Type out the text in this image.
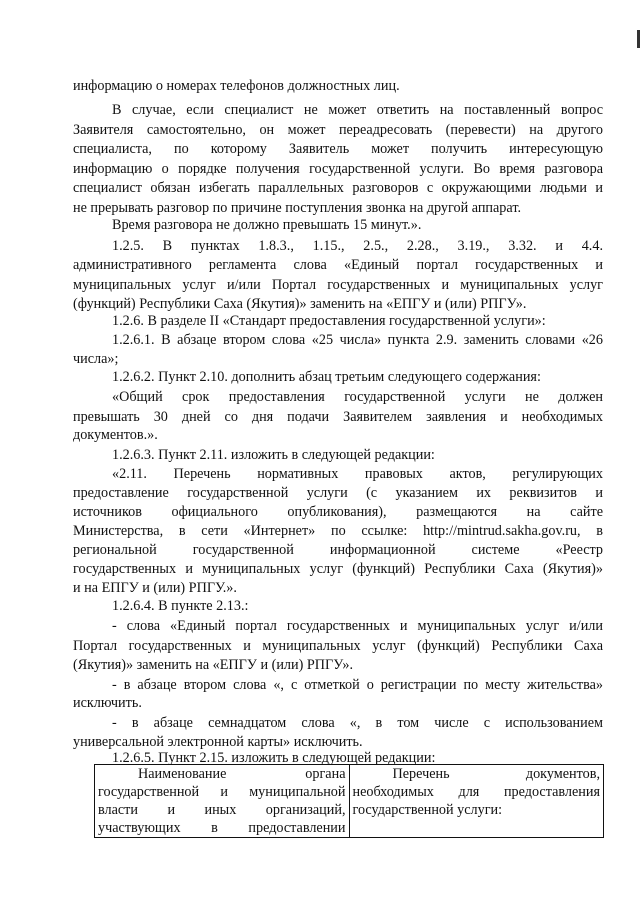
информацию о номерах телефонов должностных лиц.
В случае, если специалист не может ответить на поставленный вопрос
Заявителя самостоятельно, он может переадресовать (перевести) на другого
специалиста, по которому Заявитель может получить интересующую
информацию о порядке получения государственной услуги. Во время разговора
специалист обязан избегать параллельных разговоров с окружающими людьми и
не прерывать разговор по причине поступления звонка на другой аппарат.
Время разговора не должно превышать 15 минут.».
1.2.5. В пунктах 1.8.3., 1.15., 2.5., 2.28., 3.19., 3.32. и 4.4.
административного регламента слова «Единый портал государственных и
муниципальных услуг и/или Портал государственных и муниципальных услуг
(функций) Республики Саха (Якутия)» заменить на «ЕПГУ и (или) РПГУ».
1.2.6. В разделе II «Стандарт предоставления государственной услуги»:
1.2.6.1. В абзаце втором слова «25 числа» пункта 2.9. заменить словами «26
числа»;
1.2.6.2. Пункт 2.10. дополнить абзац третьим следующего содержания:
«Общий срок предоставления государственной услуги не должен
превышать 30 дней со дня подачи Заявителем заявления и необходимых
документов.».
1.2.6.3. Пункт 2.11. изложить в следующей редакции:
«2.11. Перечень нормативных правовых актов, регулирующих
предоставление государственной услуги (с указанием их реквизитов и
источников официального опубликования), размещаются на сайте
Министерства, в сети «Интернет» по ссылке: http://mintrud.sakha.gov.ru, в
региональной государственной информационной системе «Реестр
государственных и муниципальных услуг (функций) Республики Саха (Якутия)»
и на ЕПГУ и (или) РПГУ.».
1.2.6.4. В пункте 2.13.:
- слова «Единый портал государственных и муниципальных услуг и/или
Портал государственных и муниципальных услуг (функций) Республики Саха
(Якутия)» заменить на «ЕПГУ и (или) РПГУ».
- в абзаце втором слова «, с отметкой о регистрации по месту жительства»
исключить.
- в абзаце семнадцатом слова «, в том числе с использованием
универсальной электронной карты» исключить.
1.2.6.5. Пункт 2.15. изложить в следующей редакции:
Наименование органа
государственной и муниципальной
власти и иных организаций,
участвующих в предоставлении

Перечень документов,
необходимых для предоставления
государственной услуги:
